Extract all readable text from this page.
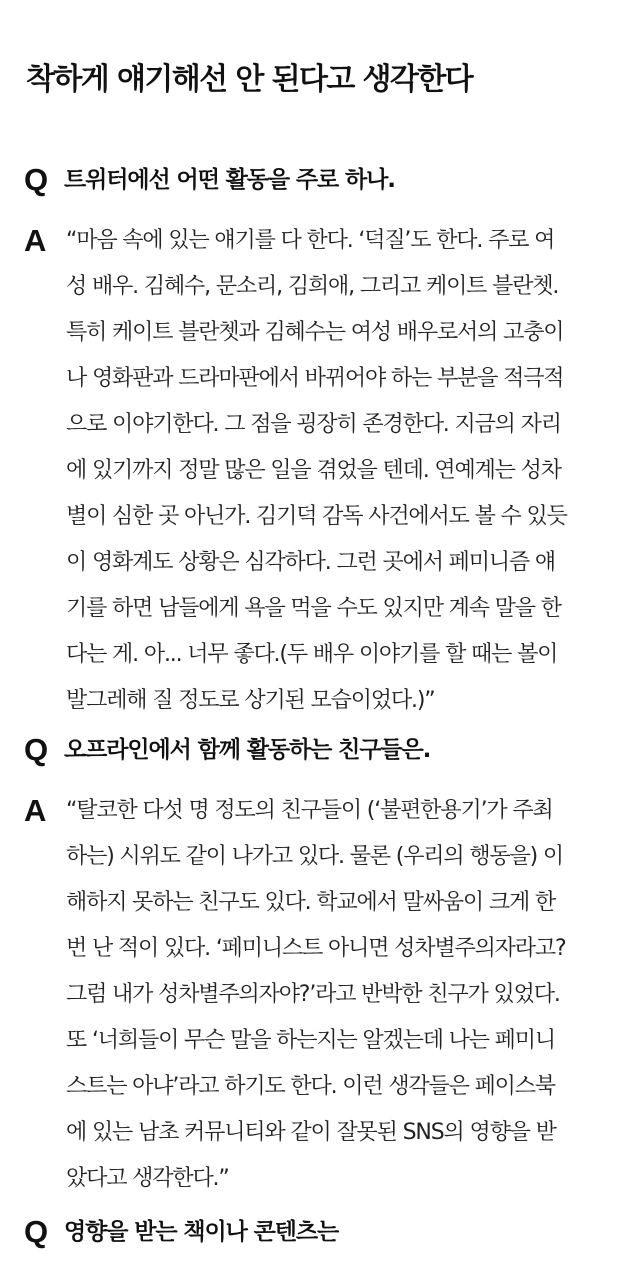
착하게 얘기해선 안 된다고 생각한다
Q 트위터에선 어떤 활동을 주로 하나.
A “마음 속에 있는 얘기를 다 한다. ‘덕질’도 한다. 주로 여
성 배우. 김혜수, 문소리, 김희애, 그리고 케이트 블란쳇.
특히 케이트 블란쳇과 김혜수는 여성 배우로서의 고충이
나 영화판과 드라마판에서 바뀌어야 하는 부분을 적극적
으로 이야기한다. 그 점을 굉장히 존경한다. 지금의 자리
에 있기까지 정말 많은 일을 겪었을 텐데. 연예계는 성차
별이 심한 곳 아닌가. 김기덕 감독 사건에서도 볼 수 있듯
이 영화계도 상황은 심각하다. 그런 곳에서 페미니즘 얘
기를 하면 남들에게 욕을 먹을 수도 있지만 계속 말을 한
다는 게. 아... 너무 좋다.(두 배우 이야기를 할 때는 볼이
발그레해 질 정도로 상기된 모습이었다.)”
Q 오프라인에서 함께 활동하는 친구들은.
A “탈코한 다섯 명 정도의 친구들이 (‘불편한용기’가 주최
하는) 시위도 같이 나가고 있다. 물론 (우리의 행동을) 이
해하지 못하는 친구도 있다. 학교에서 말싸움이 크게 한
번 난 적이 있다. ‘페미니스트 아니면 성차별주의자라고?
그럼 내가 성차별주의자야?’라고 반박한 친구가 있었다.
또 ‘너희들이 무슨 말을 하는지는 알겠는데 나는 페미니
스트는 아냐’라고 하기도 한다. 이런 생각들은 페이스북
에 있는 남초 커뮤니티와 같이 잘못된 SNS의 영향을 받
았다고 생각한다.”
Q 영향을 받는 책이나 콘텐츠는
